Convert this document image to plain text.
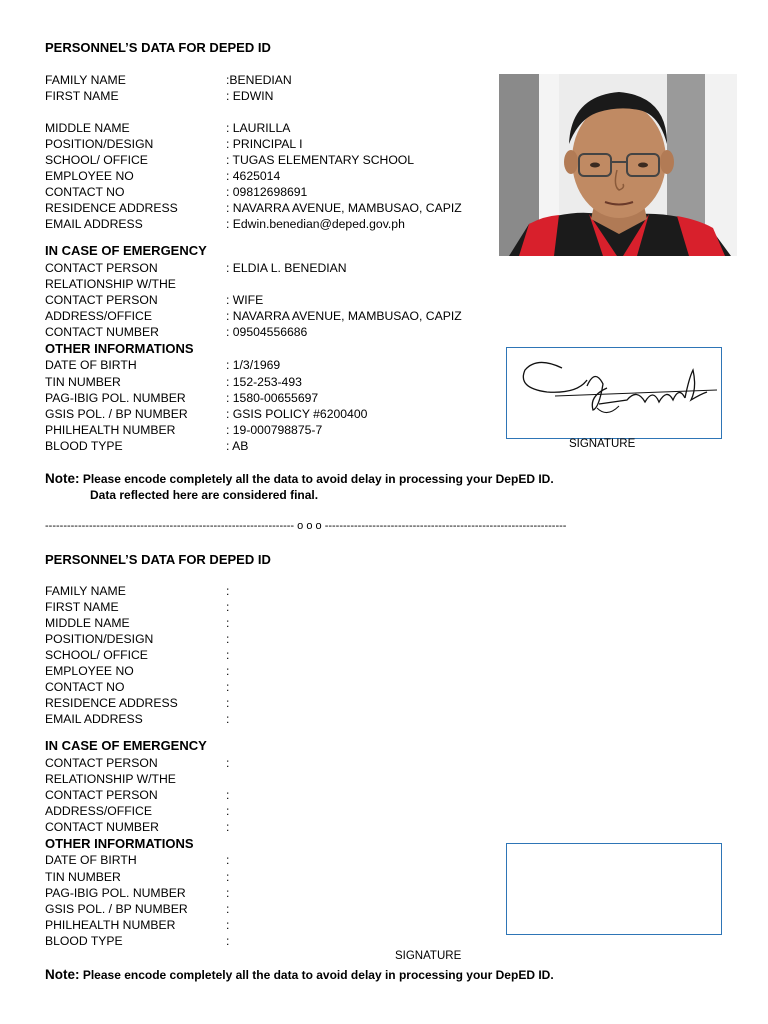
PERSONNEL’S DATA FOR DEPED ID
FAMILY NAME	:BENEDIAN
FIRST NAME	: EDWIN
MIDDLE NAME	: LAURILLA
POSITION/DESIGN	: PRINCIPAL I
SCHOOL/ OFFICE	: TUGAS ELEMENTARY SCHOOL
EMPLOYEE NO	: 4625014
CONTACT NO	: 09812698691
RESIDENCE ADDRESS	: NAVARRA AVENUE, MAMBUSAO, CAPIZ
EMAIL ADDRESS	: Edwin.benedian@deped.gov.ph
IN CASE OF EMERGENCY
CONTACT PERSON	: ELDIA L. BENEDIAN
RELATIONSHIP W/THE
CONTACT PERSON	: WIFE
ADDRESS/OFFICE	: NAVARRA AVENUE, MAMBUSAO, CAPIZ
CONTACT NUMBER	: 09504556686
OTHER INFORMATIONS
DATE OF BIRTH	: 1/3/1969
TIN NUMBER	: 152-253-493
PAG-IBIG POL. NUMBER	: 1580-00655697
GSIS POL. / BP NUMBER	: GSIS POLICY #6200400
PHILHEALTH NUMBER	: 19-000798875-7
BLOOD TYPE	: AB	SIGNATURE
Note: Please encode completely all the data to avoid delay in processing your DepED ID.
Data reflected here are considered final.
-------------------------------------------------------------------- o o o ------------------------------------------------------------------
PERSONNEL’S DATA FOR DEPED ID
FAMILY NAME	:
FIRST NAME	:
MIDDLE NAME	:
POSITION/DESIGN	:
SCHOOL/ OFFICE	:
EMPLOYEE NO	:
CONTACT NO	:
RESIDENCE ADDRESS	:
EMAIL ADDRESS	:
IN CASE OF EMERGENCY
CONTACT PERSON	:
RELATIONSHIP W/THE
CONTACT PERSON	:
ADDRESS/OFFICE	:
CONTACT NUMBER	:
OTHER INFORMATIONS
DATE OF BIRTH	:
TIN NUMBER	:
PAG-IBIG POL. NUMBER	:
GSIS POL. / BP NUMBER	:
PHILHEALTH NUMBER	:
BLOOD TYPE	:
SIGNATURE
Note: Please encode completely all the data to avoid delay in processing your DepED ID.
